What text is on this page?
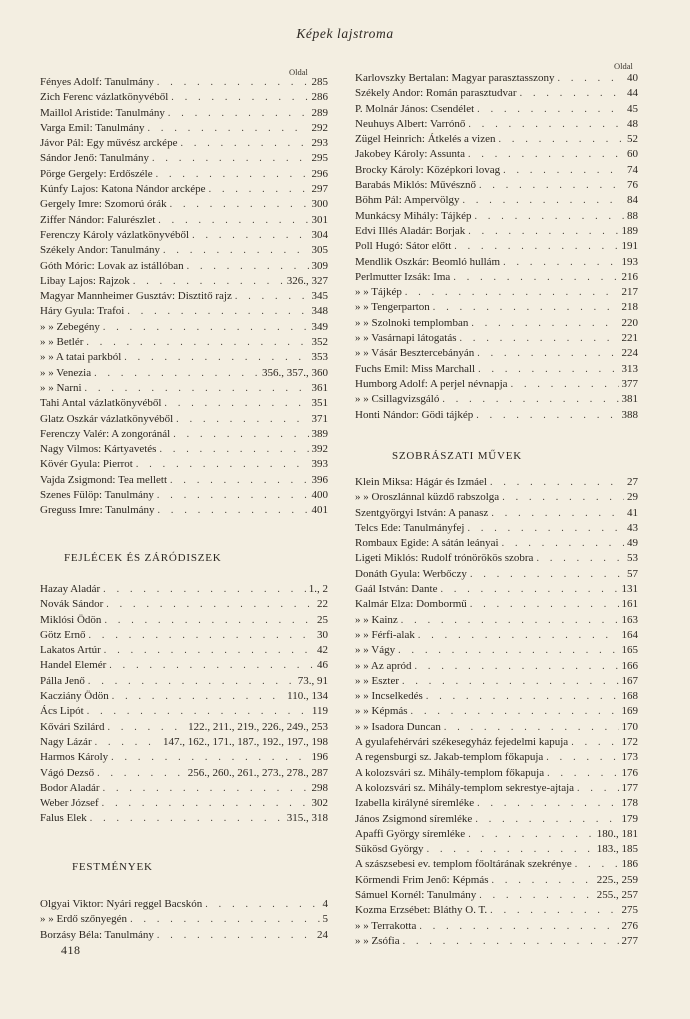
Képek lajstroma
Oldal
Oldal
Fényes Adolf: Tanulmány . . .	285
Zich Ferenc vázlatkönyvéből . . .	286
Maillol Aristide: Tanulmány . . .	289
Varga Emil: Tanulmány . . .	292
Jávor Pál: Egy művész arcképe . . .	293
Sándor Jenő: Tanulmány . . .	295
Pörge Gergely: Erdőszéle . . .	296
Kúnfy Lajos: Katona Nándor arcképe . . .	297
Gergely Imre: Szomorú órák . . .	300
Ziffer Nándor: Falurészlet . . .	301
Ferenczy Károly vázlatkönyvéből . . .	304
Székely Andor: Tanulmány . . .	305
Góth Móric: Lovak az istállóban . . .	309
Libay Lajos: Rajzok . . .	326., 327
Magyar Mannheimer Gusztáv: Disztitő rajz . . .	345
Háry Gyula: Trafoi . . .	348
» » Zebegény . . .	349
» » Betlér . . .	352
» » A tatai parkból . . .	353
» » Venezia . . .	356., 357., 360
» » Narni . . .	361
Tahi Antal vázlatkönyvéből . . .	351
Glatz Oszkár vázlatkönyvéből . . .	371
Ferenczy Valér: A zongoránál . . .	389
Nagy Vilmos: Kártyavetés . . .	392
Kövér Gyula: Pierrot . . .	393
Vajda Zsigmond: Tea mellett . . .	396
Szenes Fülöp: Tanulmány . . .	400
Greguss Imre: Tanulmány . . .	401
FEJLÉCEK ÉS ZÁRÓDISZEK
Hazay Aladár . . .	1., 2
Novák Sándor . . .	22
Miklósi Ödön . . .	25
Götz Ernő . . .	30
Lakatos Artúr . . .	42
Handel Elemér . . .	46
Pálla Jenő . . .	73., 91
Kacziány Ödön . . .	110., 134
Ács Lipót . . .	119
Kővári Szilárd . . .	122., 211., 219., 226., 249., 253
Nagy Lázár . . .	147., 162., 171., 187., 192., 197., 198
Harmos Károly . . .	196
Vágó Dezső . . .	256., 260., 261., 273., 278., 287
Bodor Aladár . . .	298
Weber József . . .	302
Falus Elek . . .	315., 318
FESTMÉNYEK
Olgyai Viktor: Nyári reggel Bacskón . . .	4
» » Erdő szőnyegén . . .	5
Borzásy Béla: Tanulmány . . .	24
418
Karlovszky Bertalan: Magyar parasztasszony . . .	40
Székely Andor: Román parasztudvar . . .	44
P. Molnár János: Csendélet . . .	45
Neuhuys Albert: Varrónő . . .	48
Zügel Heinrich: Átkelés a vizen . . .	52
Jakobey Károly: Assunta . . .	60
Brocky Károly: Középkori lovag . . .	74
Barabás Miklós: Művésznő . . .	76
Böhm Pál: Ampervölgy . . .	84
Munkácsy Mihály: Tájkép . . .	88
Edvi Illés Aladár: Borjak . . .	189
Poll Hugó: Sátor előtt . . .	191
Mendlik Oszkár: Beomló hullám . . .	193
Perlmutter Izsák: Ima . . .	216
» » Tájkép . . .	217
» » Tengerparton . . .	218
» » Szolnoki templomban . . .	220
» » Vasárnapi látogatás . . .	221
» » Vásár Besztercebányán . . .	224
Fuchs Emil: Miss Marchall . . .	313
Humborg Adolf: A perjel névnapja . . .	377
» » Csillagvizsgáló . . .	381
Honti Nándor: Gödi tájkép . . .	388
SZOBRÁSZATI MŰVEK
Klein Miksa: Hágár és Izmáel . . .	27
» » Oroszlánnal küzdő rabszolga . . .	29
Szentgyörgyi István: A panasz . . .	41
Telcs Ede: Tanulmányfej . . .	43
Rombaux Egide: A sátán leányai . . .	49
Ligeti Miklós: Rudolf trónörökös szobra . . .	53
Donáth Gyula: Werbőczy . . .	57
Gaál István: Dante . . .	131
Kalmár Elza: Dombormű . . .	161
» » Kainz . . .	163
» » Férfi-alak . . .	164
» » Vágy . . .	165
» » Az apród . . .	166
» » Eszter . . .	167
» » Incselkedés . . .	168
» » Képmás . . .	169
» » Isadora Duncan . . .	170
A gyulafehérvári székesegyház fejedelmi kapuja . . .	172
A regensburgi sz. Jakab-templom főkapuja . . .	173
A kolozsvári sz. Mihály-templom főkapuja . . .	176
A kolozsvári sz. Mihály-templom sekrestye-ajtaja . . .	177
Izabella királyné síremléke . . .	178
János Zsigmond síremléke . . .	179
Apaffi György síremléke . . .	180., 181
Sükösd György . . .	183., 185
A szászsebesi ev. templom főoltárának szekrénye . . .	186
Körmendi Frim Jenő: Képmás . . .	225., 259
Sámuel Kornél: Tanulmány . . .	255., 257
Kozma Erzsébet: Bláthy O. T. . . .	275
» » Terrakotta . . .	276
» » Zsófia . . .	277
